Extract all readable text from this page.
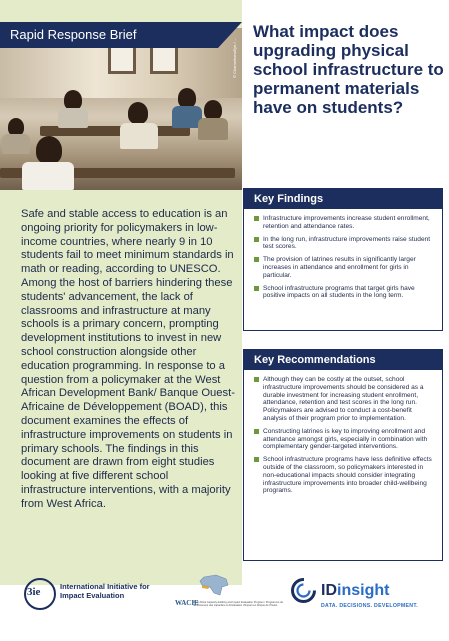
© ChameleonsEye / ...
Rapid Response Brief	What impact does upgrading physical school infrastructure to permanent materials have on students?

Safe and stable access to education is an ongoing priority for policymakers in low-income countries, where nearly 9 in 10 students fail to meet minimum standards in math or reading, according to UNESCO. Among the host of barriers hindering these students' advancement, the lack of classrooms and infrastructure at many schools is a primary concern, prompting development institutions to invest in new school construction alongside other education programming. In response to a question from a policymaker at the West African Development Bank/ Banque Ouest-Africaine de Développement (BOAD), this document examines the effects of infrastructure improvements on students in primary schools. The findings in this document are drawn from eight studies looking at five different school infrastructure interventions, with a majority from West Africa.

Key Findings
Infrastructure improvements increase student enrollment, retention and attendance rates.
In the long run, infrastructure improvements raise student test scores.
The provision of latrines results in significantly larger increases in attendance and enrollment for girls in particular.
School infrastructure programs that target girls have positive impacts on all students in the long term.
Key Recommendations
Although they can be costly at the outset, school infrastructure improvements should be considered as a durable investment for increasing student enrollment, attendance, retention and test scores in the long run. Policymakers are advised to conduct a cost-benefit analysis of their program prior to implementation.
Constructing latrines is key to improving enrollment and attendance amongst girls, especially in combination with complementary gender-targeted interventions.
School infrastructure programs have less definitive effects outside of the classroom, so policymakers interested in non-educational impacts should consider integrating infrastructure improvements into broader child-wellbeing programs.
3ie	International Initiative for Impact Evaluation
WACIE
West Africa Capacity-building and Impact Evaluation Program / Programme de renforcement des capacités et d'évaluation d'impact en Afrique de l'Ouest
IDinsight
DATA. DECISIONS. DEVELOPMENT.
